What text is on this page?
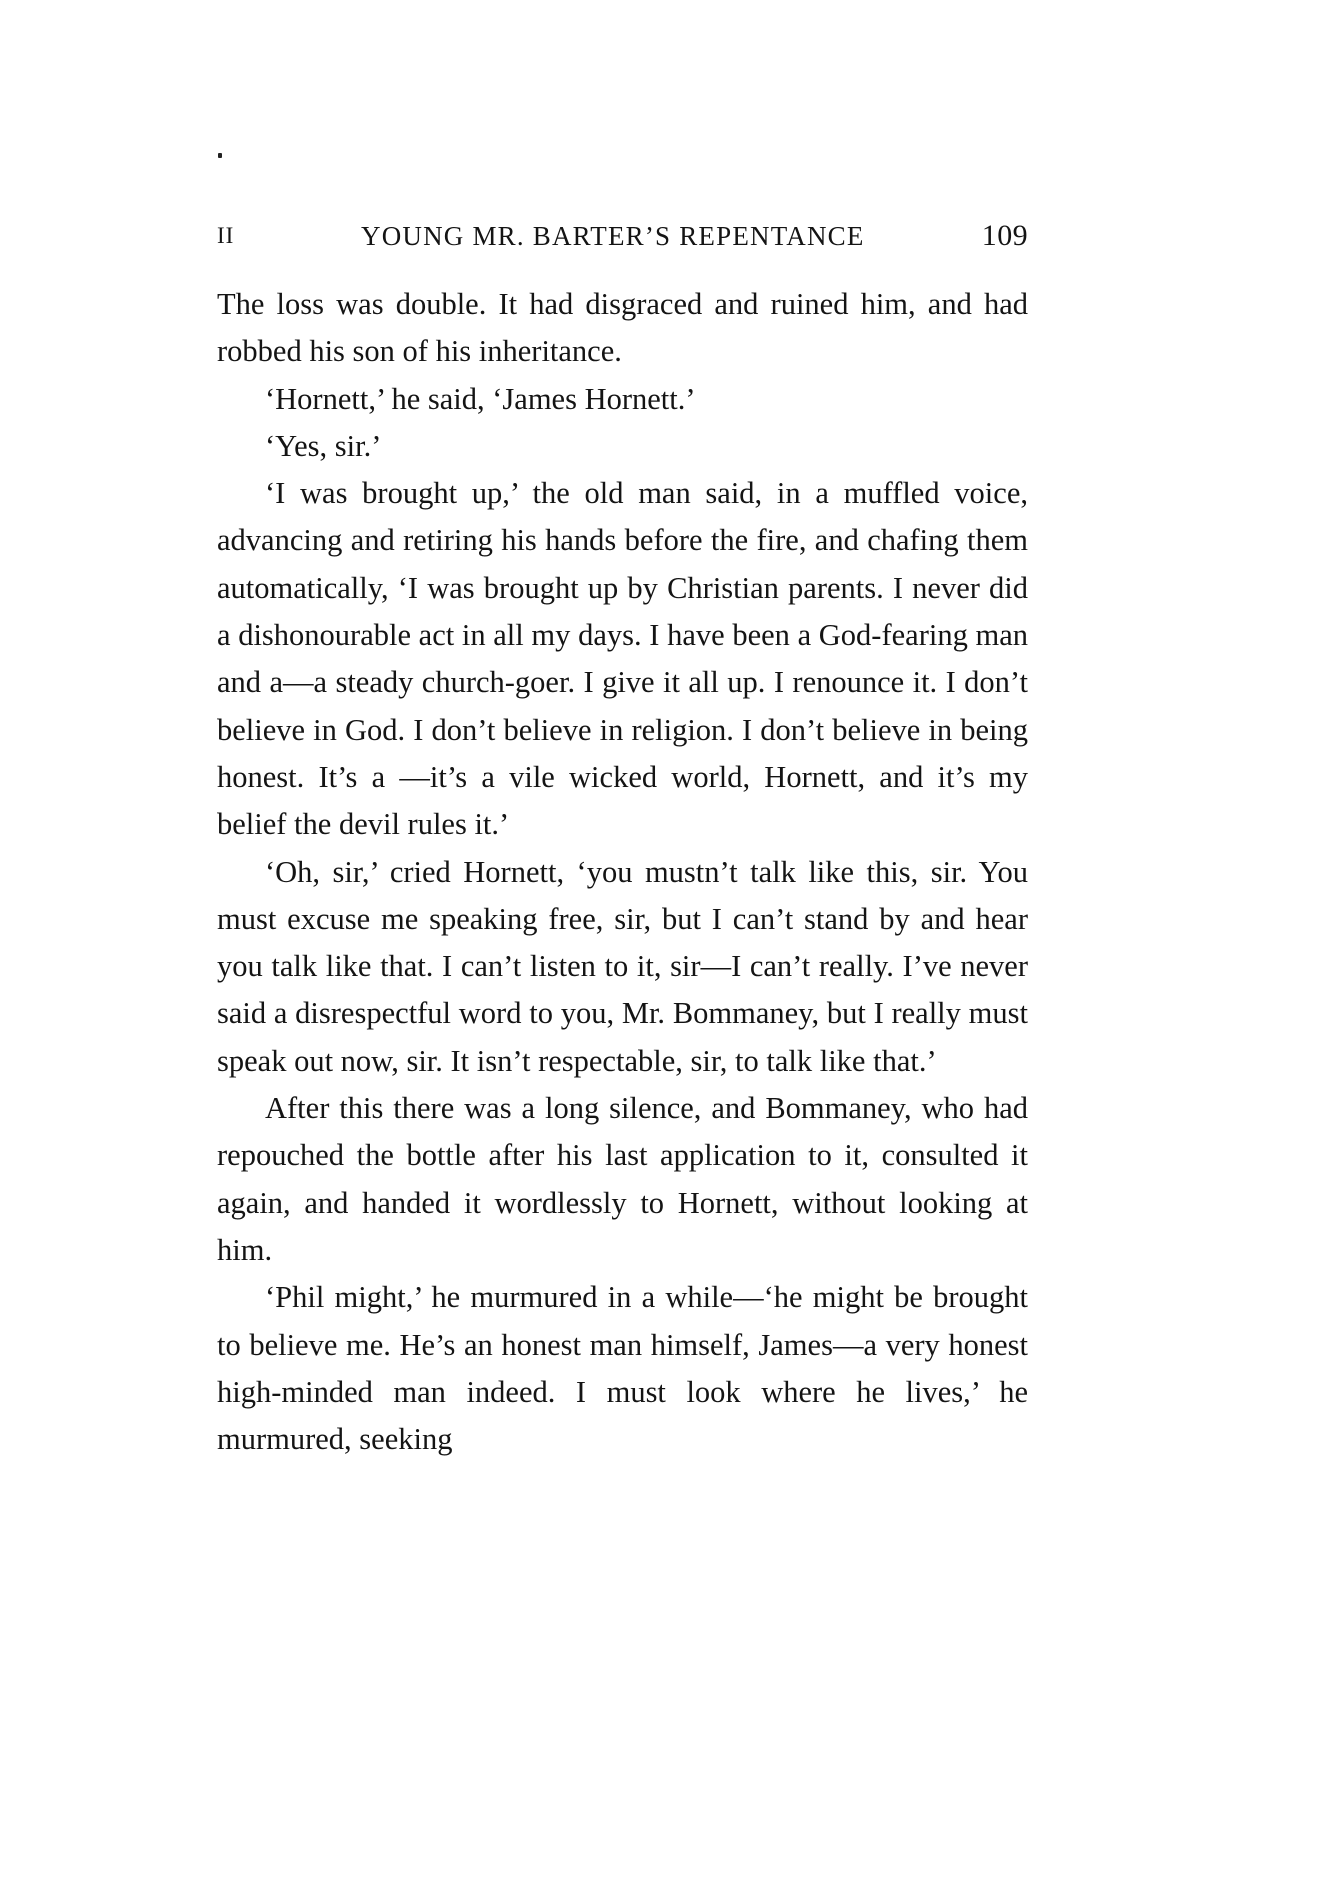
II	YOUNG MR. BARTER’S REPENTANCE	109

The loss was double. It had disgraced and ruined him, and had robbed his son of his inheritance.

‘Hornett,’ he said, ‘James Hornett.’

‘Yes, sir.’

‘I was brought up,’ the old man said, in a muffled voice, advancing and retiring his hands before the fire, and chafing them automatically, ‘I was brought up by Christian parents. I never did a dishonourable act in all my days. I have been a God-fearing man and a—a steady church-goer. I give it all up. I renounce it. I don’t believe in God. I don’t believe in religion. I don’t believe in being honest. It’s a —it’s a vile wicked world, Hornett, and it’s my belief the devil rules it.’

‘Oh, sir,’ cried Hornett, ‘you mustn’t talk like this, sir. You must excuse me speaking free, sir, but I can’t stand by and hear you talk like that. I can’t listen to it, sir—I can’t really. I’ve never said a disrespectful word to you, Mr. Bommaney, but I really must speak out now, sir. It isn’t respectable, sir, to talk like that.’

After this there was a long silence, and Bommaney, who had repouched the bottle after his last application to it, consulted it again, and handed it wordlessly to Hornett, without looking at him.

‘Phil might,’ he murmured in a while—‘he might be brought to believe me. He’s an honest man himself, James—a very honest high-minded man indeed. I must look where he lives,’ he murmured, seeking
